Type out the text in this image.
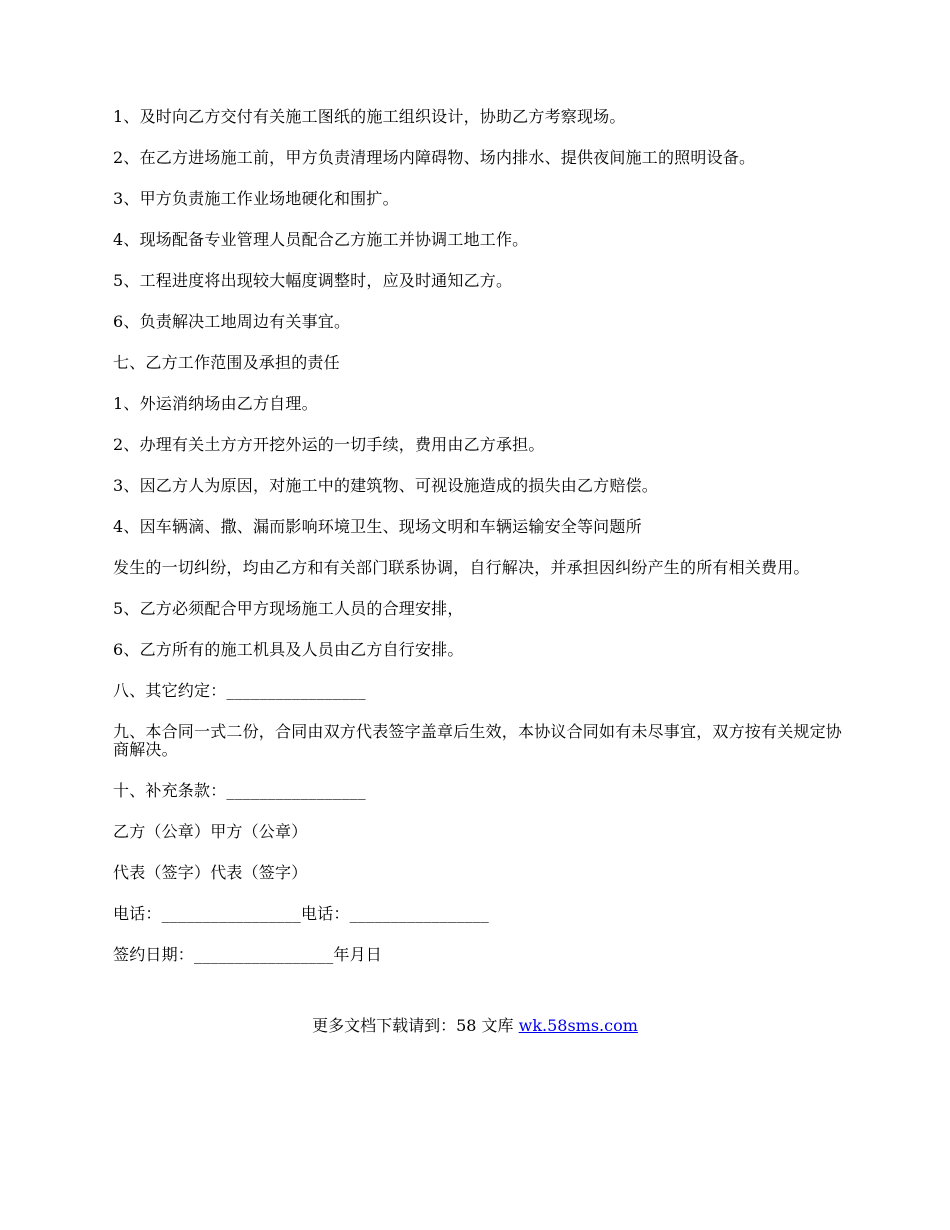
1、及时向乙方交付有关施工图纸的施工组织设计，协助乙方考察现场。

2、在乙方进场施工前，甲方负责清理场内障碍物、场内排水、提供夜间施工的照明设备。

3、甲方负责施工作业场地硬化和围扩。

4、现场配备专业管理人员配合乙方施工并协调工地工作。

5、工程进度将出现较大幅度调整时，应及时通知乙方。

6、负责解决工地周边有关事宜。

七、乙方工作范围及承担的责任

1、外运消纳场由乙方自理。

2、办理有关土方方开挖外运的一切手续，费用由乙方承担。

3、因乙方人为原因，对施工中的建筑物、可视设施造成的损失由乙方赔偿。

4、因车辆滴、撒、漏而影响环境卫生、现场文明和车辆运输安全等问题所

发生的一切纠纷，均由乙方和有关部门联系协调，自行解决，并承担因纠纷产生的所有相关费用。

5、乙方必须配合甲方现场施工人员的合理安排，

6、乙方所有的施工机具及人员由乙方自行安排。

八、其它约定：_________________

九、本合同一式二份，合同由双方代表签字盖章后生效，本协议合同如有未尽事宜，双方按有关规定协商解决。

十、补充条款：_________________

乙方（公章）甲方（公章）

代表（签字）代表（签字）

电话：_________________电话：_________________

签约日期：_________________年月日

更多文档下载请到：58 文库 wk.58sms.com
